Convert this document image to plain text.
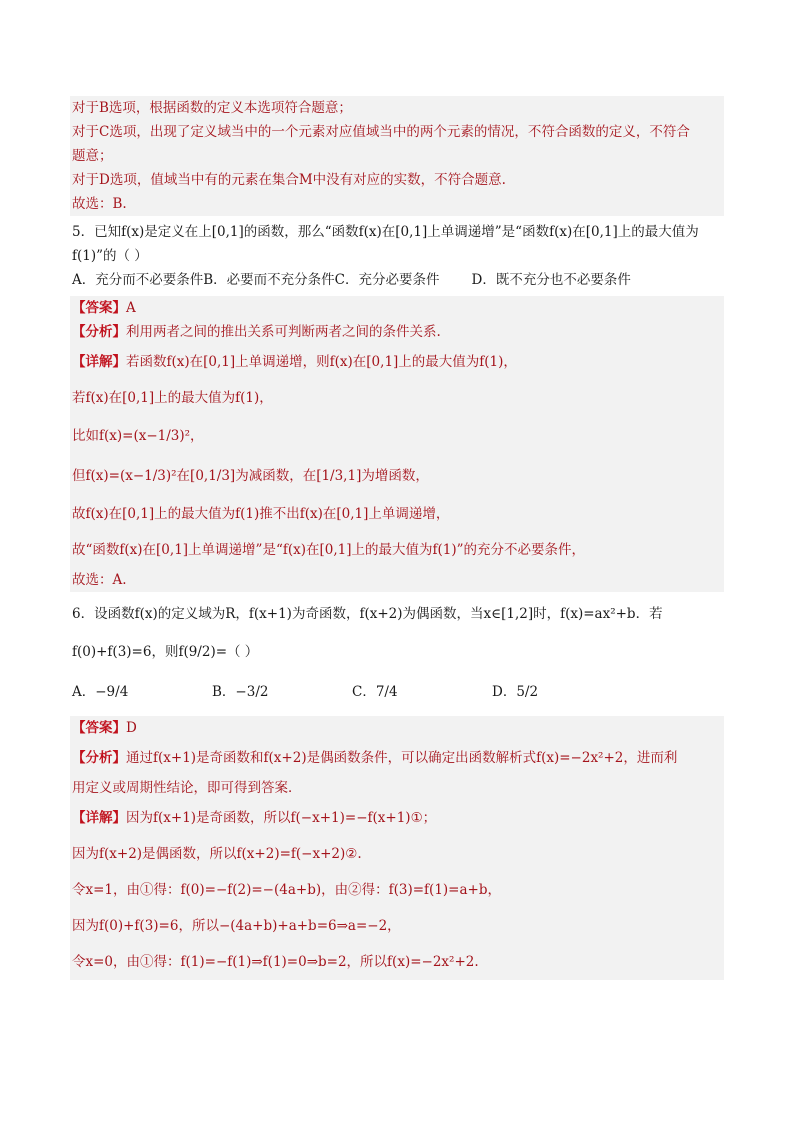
对于B选项，根据函数的定义本选项符合题意；
对于C选项，出现了定义域当中的一个元素对应值域当中的两个元素的情况，不符合函数的定义，不符合
题意；
对于D选项，值域当中有的元素在集合M中没有对应的实数，不符合题意.
故选：B.
5．已知f(x)是定义在上[0,1]的函数，那么“函数f(x)在[0,1]上单调递增”是“函数f(x)在[0,1]上的最大值为
f(1)”的（ ）
A．充分而不必要条件 B．必要而不充分条件 C．充分必要条件 D．既不充分也不必要条件
【答案】A
【分析】利用两者之间的推出关系可判断两者之间的条件关系.
【详解】若函数f(x)在[0,1]上单调递增，则f(x)在[0,1]上的最大值为f(1)，
若f(x)在[0,1]上的最大值为f(1)，
比如f(x)=(x−1/3)²，
但f(x)=(x−1/3)²在[0,1/3]为减函数，在[1/3,1]为增函数，
故f(x)在[0,1]上的最大值为f(1)推不出f(x)在[0,1]上单调递增，
故“函数f(x)在[0,1]上单调递增”是“f(x)在[0,1]上的最大值为f(1)”的充分不必要条件，
故选：A.
6．设函数f(x)的定义域为R，f(x+1)为奇函数，f(x+2)为偶函数，当x∈[1,2]时，f(x)=ax²+b．若
f(0)+f(3)=6，则f(9/2)=（ ）
A．−9/4	B．−3/2	C．7/4	D．5/2
【答案】D
【分析】通过f(x+1)是奇函数和f(x+2)是偶函数条件，可以确定出函数解析式f(x)=−2x²+2，进而利
用定义或周期性结论，即可得到答案．
【详解】因为f(x+1)是奇函数，所以f(−x+1)=−f(x+1)①；
因为f(x+2)是偶函数，所以f(x+2)=f(−x+2)②.
令x=1，由①得：f(0)=−f(2)=−(4a+b)，由②得：f(3)=f(1)=a+b，
因为f(0)+f(3)=6，所以−(4a+b)+a+b=6⇒a=−2，
令x=0，由①得：f(1)=−f(1)⇒f(1)=0⇒b=2，所以f(x)=−2x²+2.
